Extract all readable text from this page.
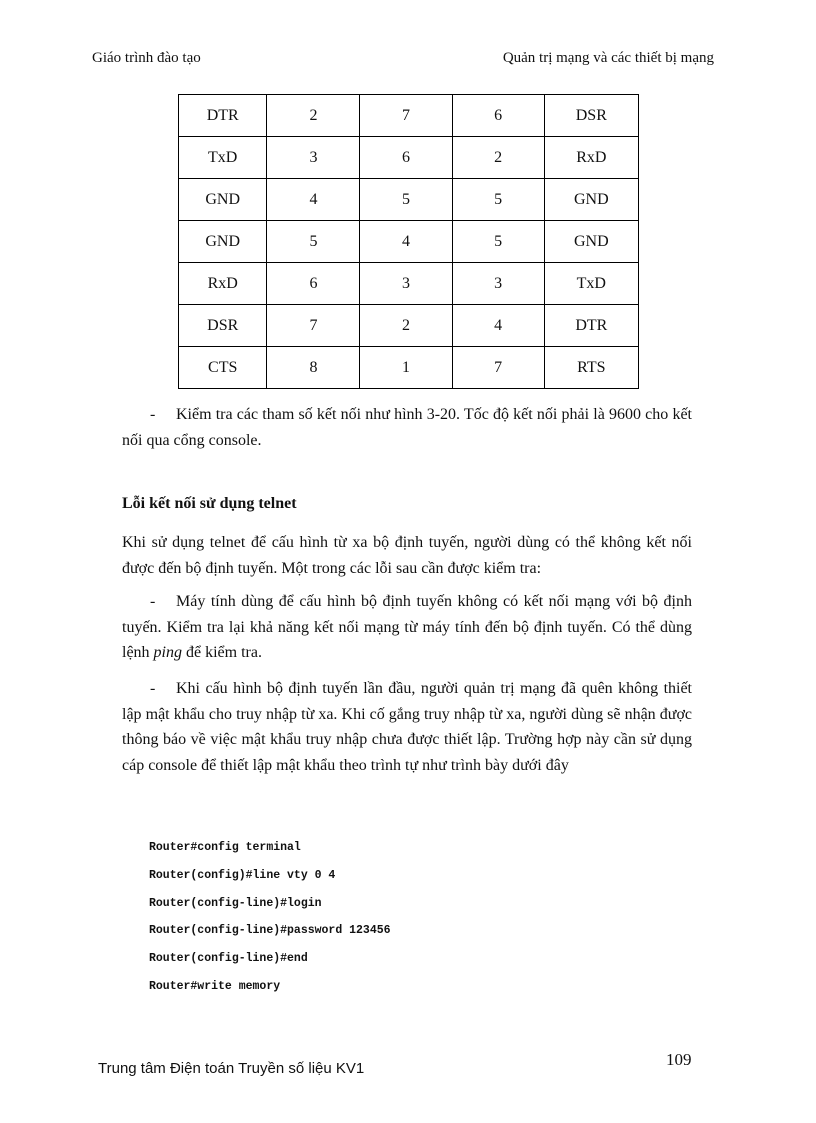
Giáo trình đào tạo	Quản trị mạng và các thiết bị mạng
DTR	2	7	6	DSR
TxD	3	6	2	RxD
GND	4	5	5	GND
GND	5	4	5	GND
RxD	6	3	3	TxD
DSR	7	2	4	DTR
CTS	8	1	7	RTS
- Kiểm tra các tham số kết nối như hình 3-20. Tốc độ kết nối phải là 9600 cho kết nối qua cổng console.
Lỗi kết nối sử dụng telnet
Khi sử dụng telnet để cấu hình từ xa bộ định tuyến, người dùng có thể không kết nối được đến bộ định tuyến. Một trong các lỗi sau cần được kiểm tra:
- Máy tính dùng để cấu hình bộ định tuyến không có kết nối mạng với bộ định tuyến. Kiểm tra lại khả năng kết nối mạng từ máy tính đến bộ định tuyến. Có thể dùng lệnh ping để kiểm tra.
- Khi cấu hình bộ định tuyến lần đầu, người quản trị mạng đã quên không thiết lập mật khẩu cho truy nhập từ xa. Khi cố gắng truy nhập từ xa, người dùng sẽ nhận được thông báo về việc mật khẩu truy nhập chưa được thiết lập. Trường hợp này cần sử dụng cáp console để thiết lập mật khẩu theo trình tự như trình bày dưới đây
Router#config terminal
Router(config)#line vty 0 4
Router(config-line)#login
Router(config-line)#password 123456
Router(config-line)#end
Router#write memory
109
Trung tâm Điện toán Truyền số liệu KV1
